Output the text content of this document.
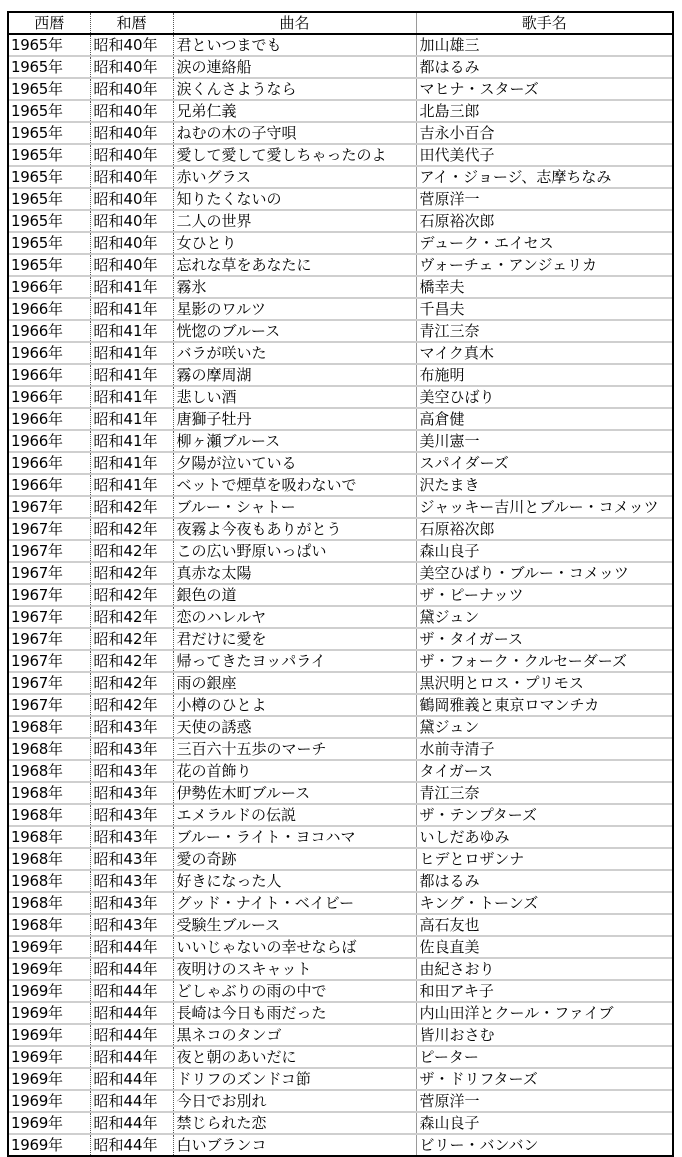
西暦	和暦	曲名	歌手名
1965年	昭和40年	君といつまでも	加山雄三
1965年	昭和40年	涙の連絡船	都はるみ
1965年	昭和40年	涙くんさようなら	マヒナ・スターズ
1965年	昭和40年	兄弟仁義	北島三郎
1965年	昭和40年	ねむの木の子守唄	吉永小百合
1965年	昭和40年	愛して愛して愛しちゃったのよ	田代美代子
1965年	昭和40年	赤いグラス	アイ・ジョージ、志摩ちなみ
1965年	昭和40年	知りたくないの	菅原洋一
1965年	昭和40年	二人の世界	石原裕次郎
1965年	昭和40年	女ひとり	デューク・エイセス
1965年	昭和40年	忘れな草をあなたに	ヴォーチェ・アンジェリカ
1966年	昭和41年	霧氷	橋幸夫
1966年	昭和41年	星影のワルツ	千昌夫
1966年	昭和41年	恍惚のブルース	青江三奈
1966年	昭和41年	バラが咲いた	マイク真木
1966年	昭和41年	霧の摩周湖	布施明
1966年	昭和41年	悲しい酒	美空ひばり
1966年	昭和41年	唐獅子牡丹	高倉健
1966年	昭和41年	柳ヶ瀬ブルース	美川憲一
1966年	昭和41年	夕陽が泣いている	スパイダーズ
1966年	昭和41年	ベットで煙草を吸わないで	沢たまき
1967年	昭和42年	ブルー・シャトー	ジャッキー吉川とブルー・コメッツ
1967年	昭和42年	夜霧よ今夜もありがとう	石原裕次郎
1967年	昭和42年	この広い野原いっぱい	森山良子
1967年	昭和42年	真赤な太陽	美空ひばり・ブルー・コメッツ
1967年	昭和42年	銀色の道	ザ・ピーナッツ
1967年	昭和42年	恋のハレルヤ	黛ジュン
1967年	昭和42年	君だけに愛を	ザ・タイガース
1967年	昭和42年	帰ってきたヨッパライ	ザ・フォーク・クルセーダーズ
1967年	昭和42年	雨の銀座	黒沢明とロス・プリモス
1967年	昭和42年	小樽のひとよ	鶴岡雅義と東京ロマンチカ
1968年	昭和43年	天使の誘惑	黛ジュン
1968年	昭和43年	三百六十五歩のマーチ	水前寺清子
1968年	昭和43年	花の首飾り	タイガース
1968年	昭和43年	伊勢佐木町ブルース	青江三奈
1968年	昭和43年	エメラルドの伝説	ザ・テンプターズ
1968年	昭和43年	ブルー・ライト・ヨコハマ	いしだあゆみ
1968年	昭和43年	愛の奇跡	ヒデとロザンナ
1968年	昭和43年	好きになった人	都はるみ
1968年	昭和43年	グッド・ナイト・ベイビー	キング・トーンズ
1968年	昭和43年	受験生ブルース	高石友也
1969年	昭和44年	いいじゃないの幸せならば	佐良直美
1969年	昭和44年	夜明けのスキャット	由紀さおり
1969年	昭和44年	どしゃぶりの雨の中で	和田アキ子
1969年	昭和44年	長崎は今日も雨だった	内山田洋とクール・ファイブ
1969年	昭和44年	黒ネコのタンゴ	皆川おさむ
1969年	昭和44年	夜と朝のあいだに	ピーター
1969年	昭和44年	ドリフのズンドコ節	ザ・ドリフターズ
1969年	昭和44年	今日でお別れ	菅原洋一
1969年	昭和44年	禁じられた恋	森山良子
1969年	昭和44年	白いブランコ	ビリー・バンバン
